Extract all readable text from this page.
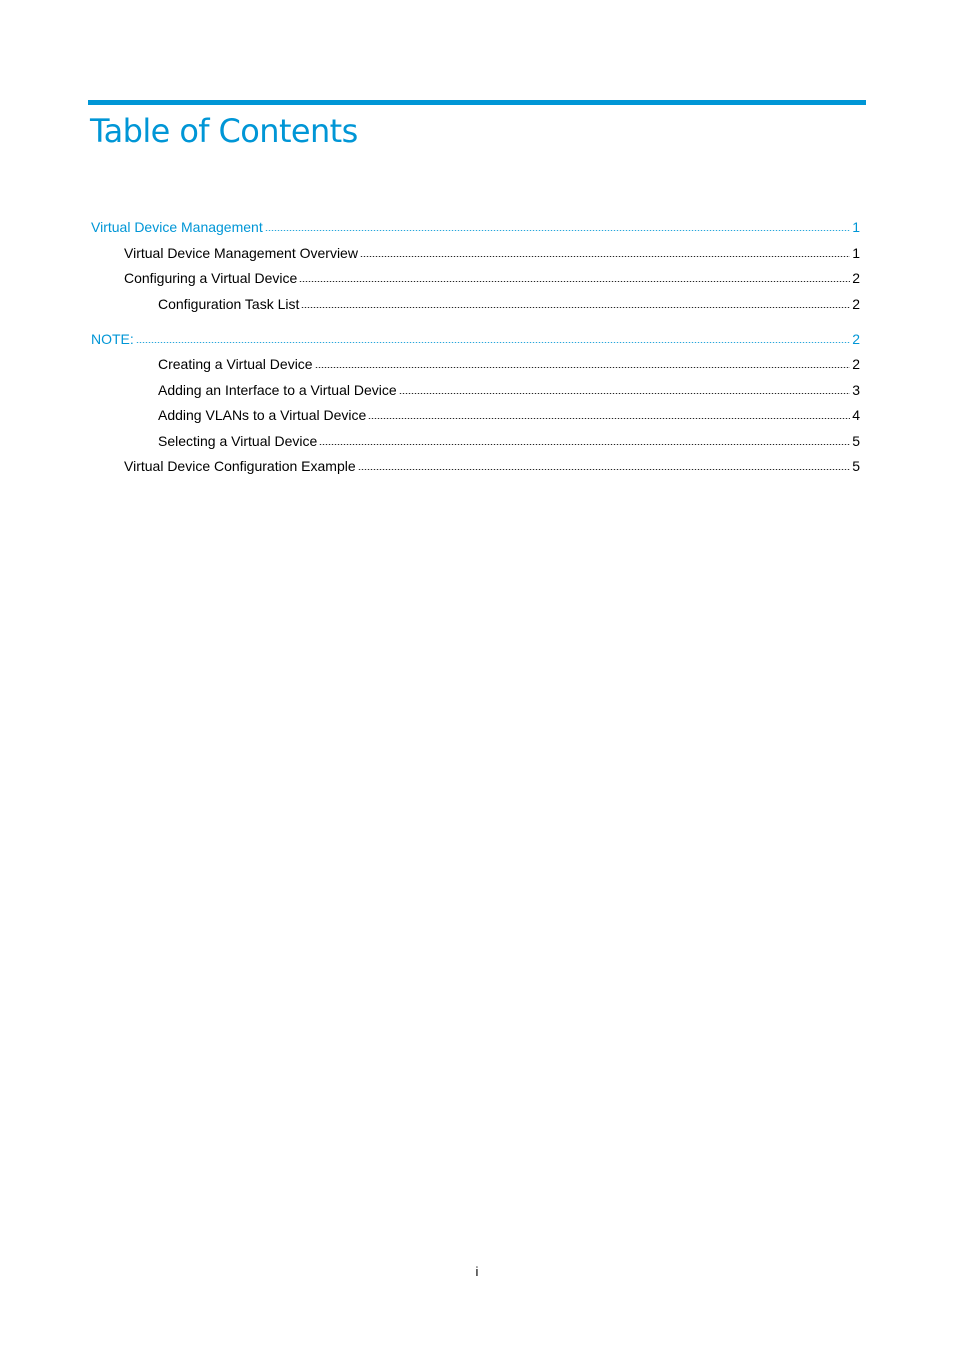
Table of Contents
Virtual Device Management	1
Virtual Device Management Overview	1
Configuring a Virtual Device	2
Configuration Task List	2
NOTE:	2
Creating a Virtual Device	2
Adding an Interface to a Virtual Device	3
Adding VLANs to a Virtual Device	4
Selecting a Virtual Device	5
Virtual Device Configuration Example	5
i
